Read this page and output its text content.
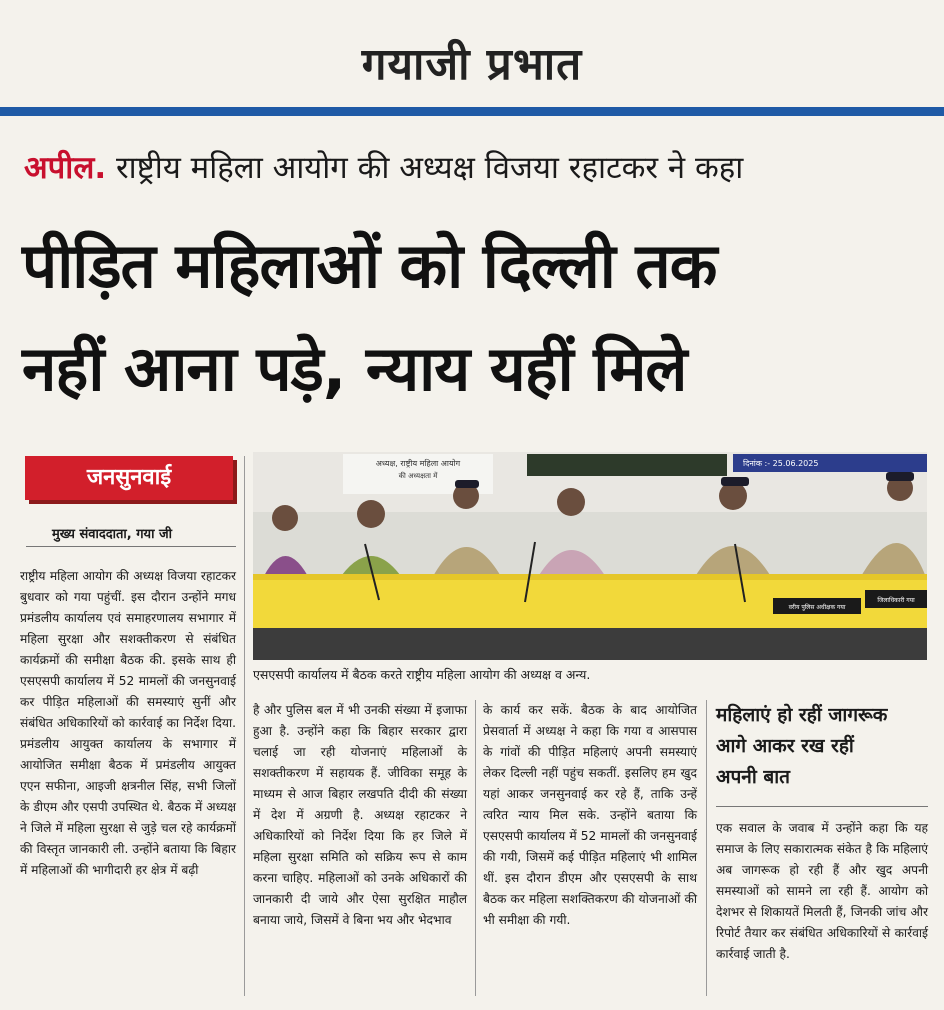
गयाजी प्रभात
अपील. राष्ट्रीय महिला आयोग की अध्यक्ष विजया रहाटकर ने कहा
पीड़ित महिलाओं को दिल्ली तक
नहीं आना पड़े, न्याय यहीं मिले
जनसुनवाई
मुख्य संवाददाता, गया जी
अध्यक्ष, राष्ट्रीय महिला आयोग
की अध्यक्षता में
दिनांक :- 25.06.2025
वरीय पुलिस अधीक्षक गया
जिलाधिकारी गया
एसएसपी कार्यालय में बैठक करते राष्ट्रीय महिला आयोग की अध्यक्ष व अन्य.
राष्ट्रीय महिला आयोग की अध्यक्ष विजया रहाटकर बुधवार को गया पहुंचीं. इस दौरान उन्होंने मगध प्रमंडलीय कार्यालय एवं समाहरणालय सभागार में महिला सुरक्षा और सशक्तीकरण से संबंधित कार्यक्रमों की समीक्षा बैठक की. इसके साथ ही एसएसपी कार्यालय में 52 मामलों की जनसुनवाई कर पीड़ित महिलाओं की समस्याएं सुनीं और संबंधित अधिकारियों को कार्रवाई का निर्देश दिया. प्रमंडलीय आयुक्त कार्यालय के सभागार में आयोजित समीक्षा बैठक में प्रमंडलीय आयुक्त एएन सफीना, आइजी क्षत्रनील सिंह, सभी जिलों के डीएम और एसपी उपस्थित थे. बैठक में अध्यक्ष ने जिले में महिला सुरक्षा से जुड़े चल रहे कार्यक्रमों की विस्तृत जानकारी ली. उन्होंने बताया कि बिहार में महिलाओं की भागीदारी हर क्षेत्र में बढ़ी
है और पुलिस बल में भी उनकी संख्या में इजाफा हुआ है. उन्होंने कहा कि बिहार सरकार द्वारा चलाई जा रही योजनाएं महिलाओं के सशक्तीकरण में सहायक हैं. जीविका समूह के माध्यम से आज बिहार लखपति दीदी की संख्या में देश में अग्रणी है. अध्यक्ष रहाटकर ने अधिकारियों को निर्देश दिया कि हर जिले में महिला सुरक्षा समिति को सक्रिय रूप से काम करना चाहिए. महिलाओं को उनके अधिकारों की जानकारी दी जाये और ऐसा सुरक्षित माहौल बनाया जाये, जिसमें वे बिना भय और भेदभाव
के कार्य कर सकें. बैठक के बाद आयोजित प्रेसवार्ता में अध्यक्ष ने कहा कि गया व आसपास के गांवों की पीड़ित महिलाएं अपनी समस्याएं लेकर दिल्ली नहीं पहुंच सकतीं. इसलिए हम खुद यहां आकर जनसुनवाई कर रहे हैं, ताकि उन्हें त्वरित न्याय मिल सके. उन्होंने बताया कि एसएसपी कार्यालय में 52 मामलों की जनसुनवाई की गयी, जिसमें कई पीड़ित महिलाएं भी शामिल थीं. इस दौरान डीएम और एसएसपी के साथ बैठक कर महिला सशक्तिकरण की योजनाओं की भी समीक्षा की गयी.
महिलाएं हो रहीं जागरूक
आगे आकर रख रहीं
अपनी बात
एक सवाल के जवाब में उन्होंने कहा कि यह समाज के लिए सकारात्मक संकेत है कि महिलाएं अब जागरूक हो रही हैं और खुद अपनी समस्याओं को सामने ला रही हैं. आयोग को देशभर से शिकायतें मिलती हैं, जिनकी जांच और रिपोर्ट तैयार कर संबंधित अधिकारियों से कार्रवाई कार्रवाई जाती है.
